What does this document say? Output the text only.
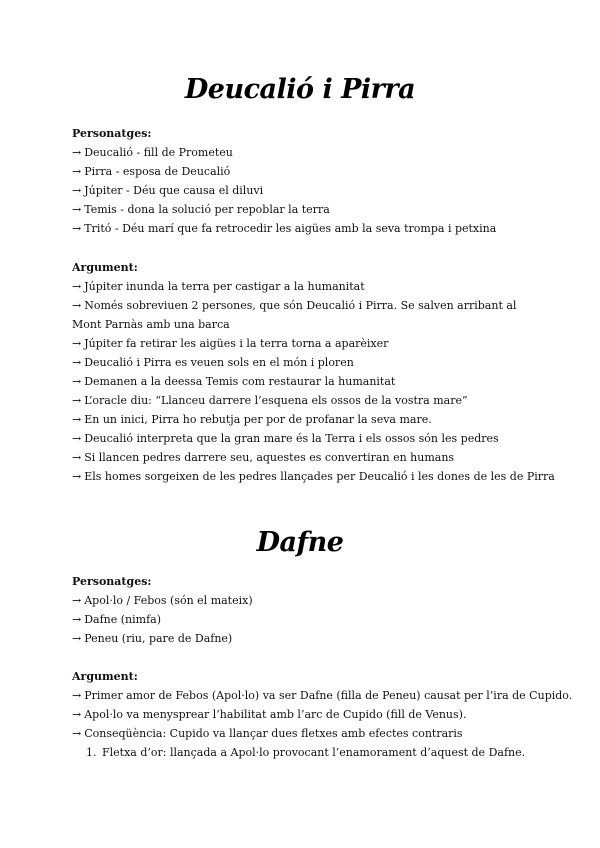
Deucalió i Pirra
Personatges:
→ Deucalió - fill de Prometeu
→ Pirra - esposa de Deucalió
→ Júpiter - Déu que causa el diluvi
→ Temis - dona la solució per repoblar la terra
→ Tritó - Déu marí que fa retrocedir les aigües amb la seva trompa i petxina
Argument:
→ Júpiter inunda la terra per castigar a la humanitat
→ Només sobreviuen 2 persones, que són Deucalió i Pirra. Se salven arribant al Mont Parnàs amb una barca
→ Júpiter fa retirar les aigües i la terra torna a aparèixer
→ Deucalió i Pirra es veuen sols en el món i ploren
→ Demanen a la deessa Temis com restaurar la humanitat
→ L’oracle diu: “Llanceu darrere l’esquena els ossos de la vostra mare”
→ En un inici, Pirra ho rebutja per por de profanar la seva mare.
→ Deucalió interpreta que la gran mare és la Terra i els ossos són les pedres
→ Si llancen pedres darrere seu, aquestes es convertiran en humans
→ Els homes sorgeixen de les pedres llançades per Deucalió i les dones de les de Pirra
Dafne
Personatges:
→ Apol·lo / Febos (són el mateix)
→ Dafne (nimfa)
→ Peneu (riu, pare de Dafne)
Argument:
→ Primer amor de Febos (Apol·lo) va ser Dafne (filla de Peneu) causat per l’ira de Cupido.
→ Apol·lo va menysprear l’habilitat amb l’arc de Cupido (fill de Venus).
→ Conseqüència: Cupido va llançar dues fletxes amb efectes contraris
1. Fletxa d’or: llançada a Apol·lo provocant l’enamorament d’aquest de Dafne.
